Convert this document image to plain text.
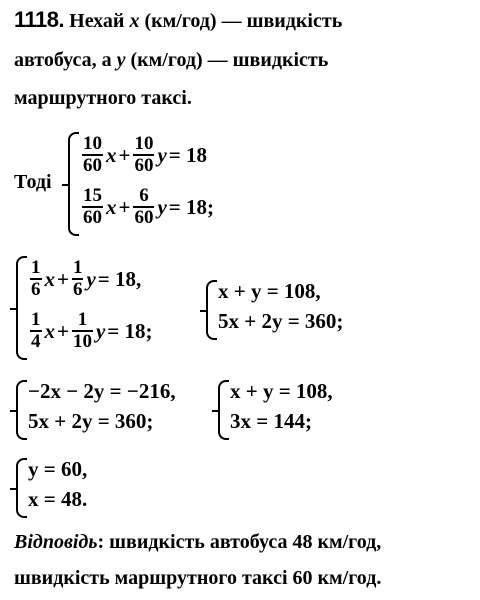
1118. Нехай x (км/год) — швидкість
автобуса, а y (км/год) — швидкість
маршрутного таксі.
Тоді
$\frac{10}{60}$ $x + \frac{10}{60}$ y = 18
$\frac{15}{60}$ $x + \frac{6}{60}$ y = 18;
$\frac{1}{6}$ $x + \frac{1}{6}$ y = 18,
$\frac{1}{4}$ $x + \frac{1}{10}$ y = 18;
x + y = 108,
5x + 2y = 360;
−2x − 2y = −216,
5x + 2y = 360;
x + y = 108,
3x = 144;
y = 60,
x = 48.
Відповідь: швидкість автобуса 48 км/год,
швидкість маршрутного таксі 60 км/год.
